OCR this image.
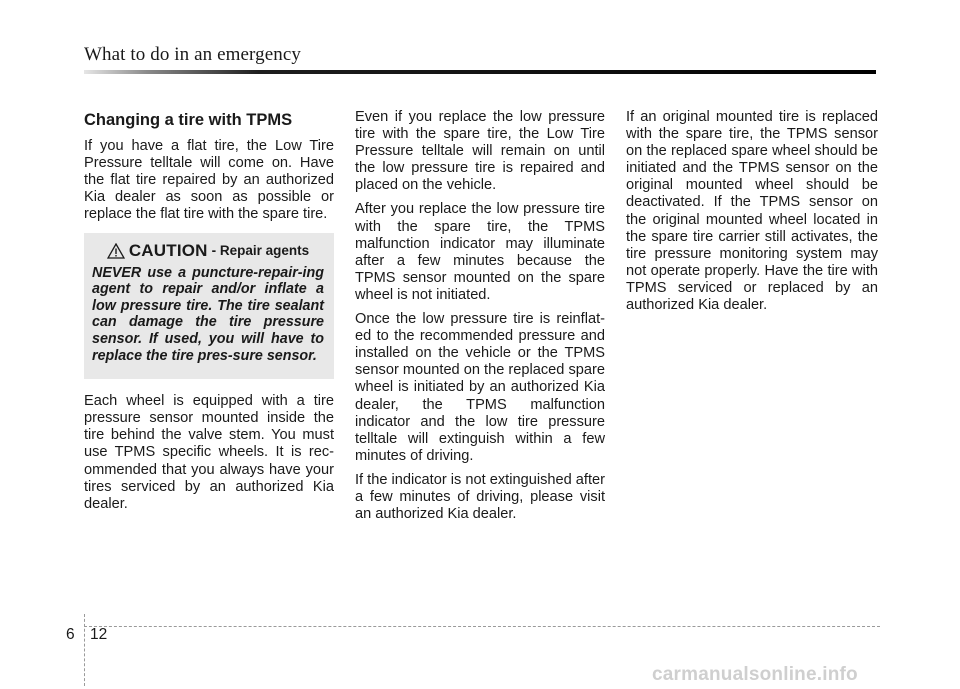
What to do in an emergency
Changing a tire with TPMS

If you have a flat tire, the Low Tire Pressure telltale will come on. Have the flat tire repaired by an authorized Kia dealer as soon as possible or replace the flat tire with the spare tire.

CAUTION - Repair agents

NEVER use a puncture-repair-ing agent to repair and/or inflate a low pressure tire. The tire sealant can damage the tire pressure sensor. If used, you will have to replace the tire pres-sure sensor.

Each wheel is equipped with a tire pressure sensor mounted inside the tire behind the valve stem. You must use TPMS specific wheels. It is rec-ommended that you always have your tires serviced by an authorized Kia dealer.

Even if you replace the low pressure tire with the spare tire, the Low Tire Pressure telltale will remain on until the low pressure tire is repaired and placed on the vehicle.

After you replace the low pressure tire with the spare tire, the TPMS malfunction indicator may illuminate after a few minutes because the TPMS sensor mounted on the spare wheel is not initiated.

Once the low pressure tire is reinflat-ed to the recommended pressure and installed on the vehicle or the TPMS sensor mounted on the replaced spare wheel is initiated by an authorized Kia dealer, the TPMS malfunction indicator and the low tire pressure telltale will extinguish within a few minutes of driving.

If the indicator is not extinguished after a few minutes of driving, please visit an authorized Kia dealer.

If an original mounted tire is replaced with the spare tire, the TPMS sensor on the replaced spare wheel should be initiated and the TPMS sensor on the original mounted wheel should be deactivated. If the TPMS sensor on the original mounted wheel located in the spare tire carrier still activates, the tire pressure monitoring system may not operate properly. Have the tire with TPMS serviced or replaced by an authorized Kia dealer.

6 12
carmanualsonline.info
